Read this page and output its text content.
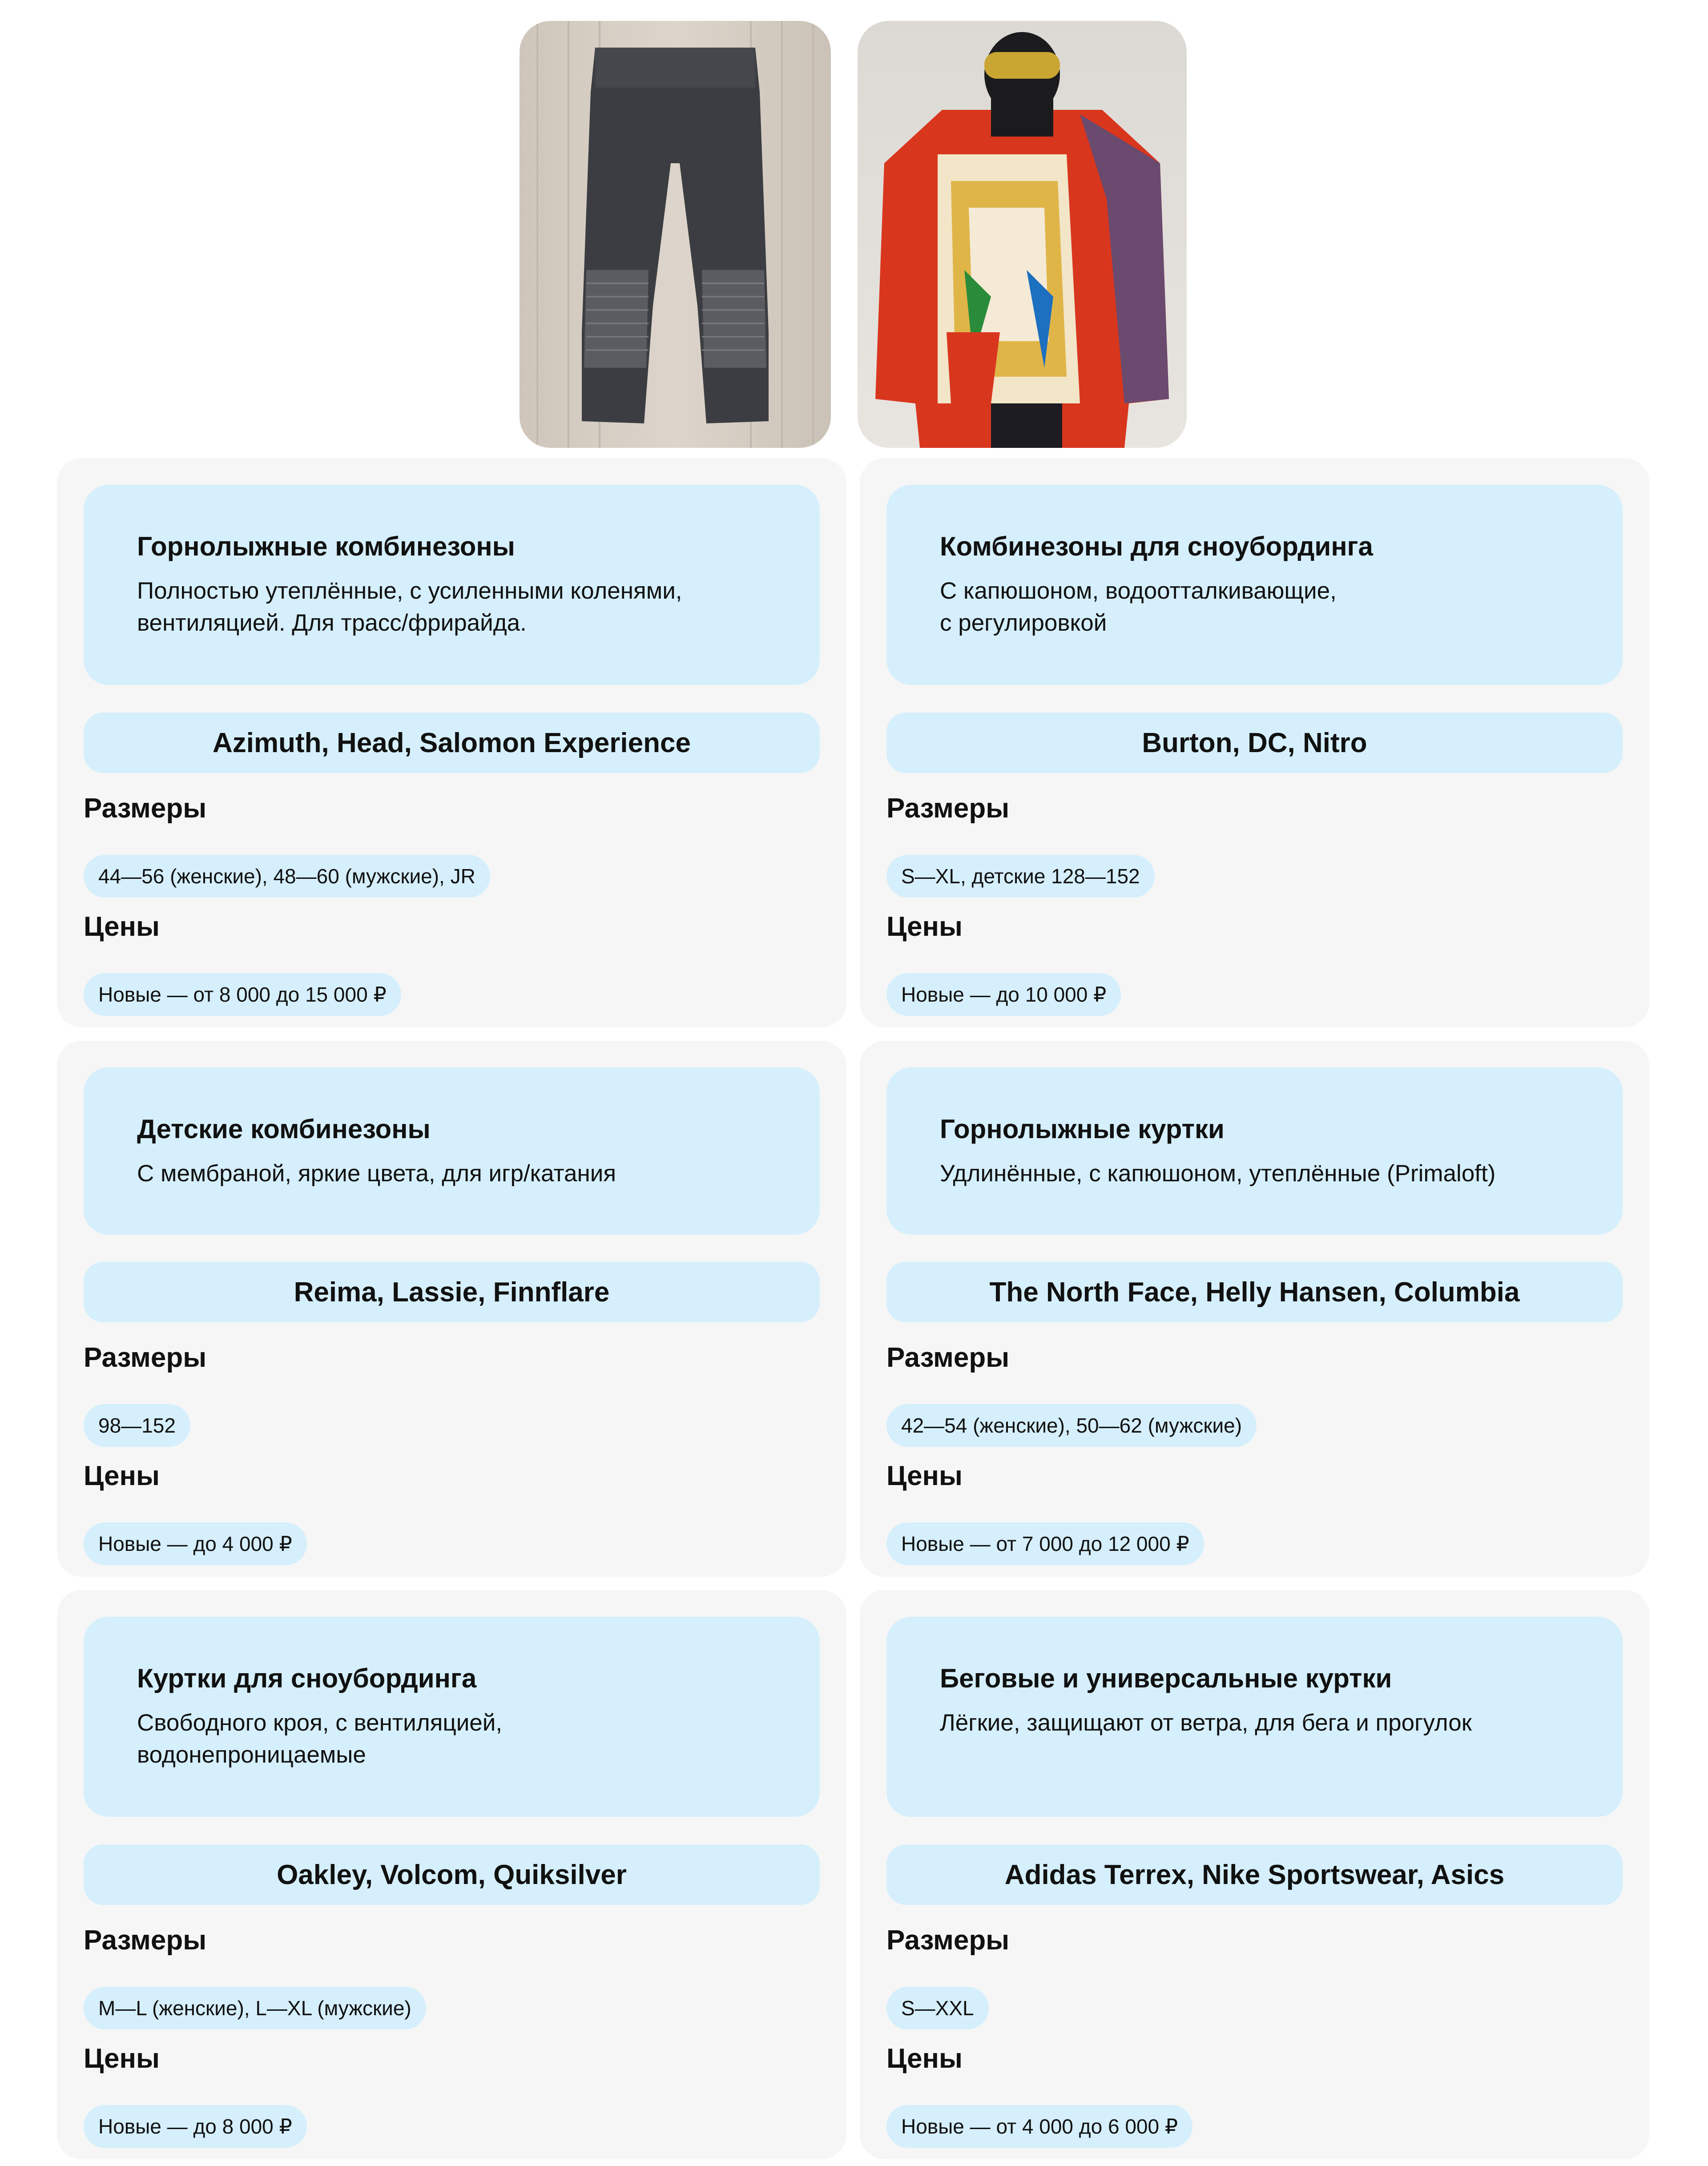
Горнолыжные комбинезоны

Полностью утеплённые, с усиленными коленями,
вентиляцией. Для трасс/фрирайда.

Azimuth, Head, Salomon Experience
Размеры
44—56 (женские), 48—60 (мужские), JR
Цены
Новые — от 8 000 до 15 000 ₽
Комбинезоны для сноубординга

С капюшоном, водоотталкивающие,
с регулировкой

Burton, DC, Nitro
Размеры
S—XL, детские 128—152
Цены
Новые — до 10 000 ₽
Детские комбинезоны

С мембраной, яркие цвета, для игр/катания

Reima, Lassie, Finnflare
Размеры
98—152
Цены
Новые — до 4 000 ₽
Горнолыжные куртки

Удлинённые, с капюшоном, утеплённые (Primaloft)

The North Face, Helly Hansen, Columbia
Размеры
42—54 (женские), 50—62 (мужские)
Цены
Новые — от 7 000 до 12 000 ₽
Куртки для сноубординга

Свободного кроя, с вентиляцией,
водонепроницаемые

Oakley, Volcom, Quiksilver
Размеры
M—L (женские), L—XL (мужские)
Цены
Новые — до 8 000 ₽
Беговые и универсальные куртки

Лёгкие, защищают от ветра, для бега и прогулок

Adidas Terrex, Nike Sportswear, Asics
Размеры
S—XXL
Цены
Новые — от 4 000 до 6 000 ₽
